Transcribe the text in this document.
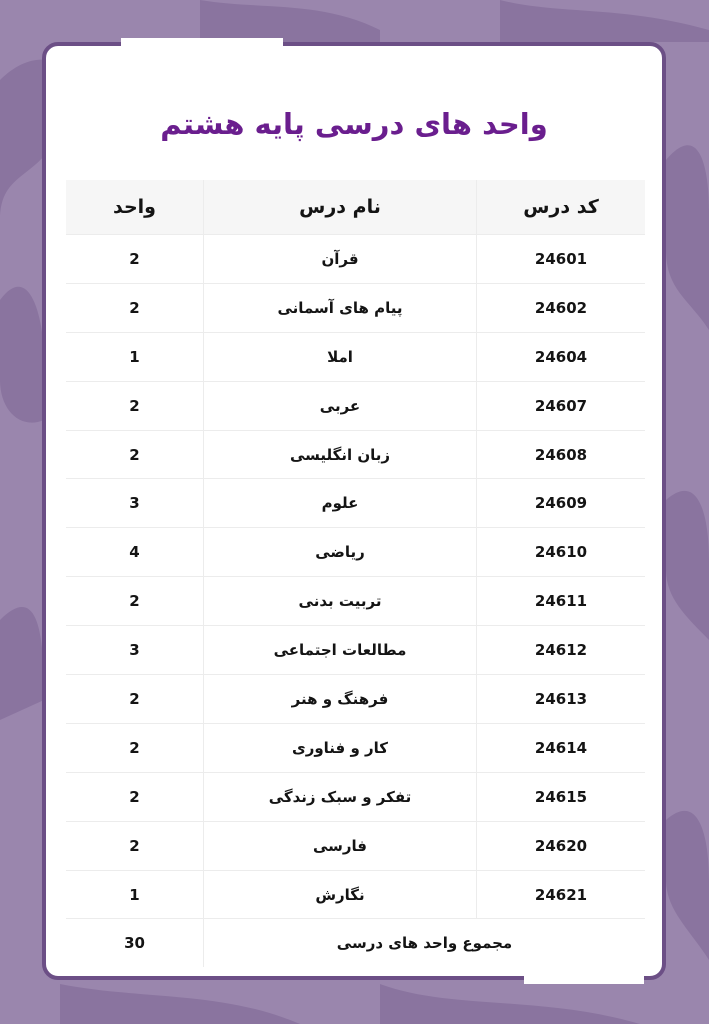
واحد های درسی پایه هشتم
واحد	نام درس	کد درس
2	قرآن	24601
2	پیام های آسمانی	24602
1	املا	24604
2	عربی	24607
2	زبان انگلیسی	24608
3	علوم	24609
4	ریاضی	24610
2	تربیت بدنی	24611
3	مطالعات اجتماعی	24612
2	فرهنگ و هنر	24613
2	کار و فناوری	24614
2	تفکر و سبک زندگی	24615
2	فارسی	24620
1	نگارش	24621
30	مجموع واحد های درسی	
